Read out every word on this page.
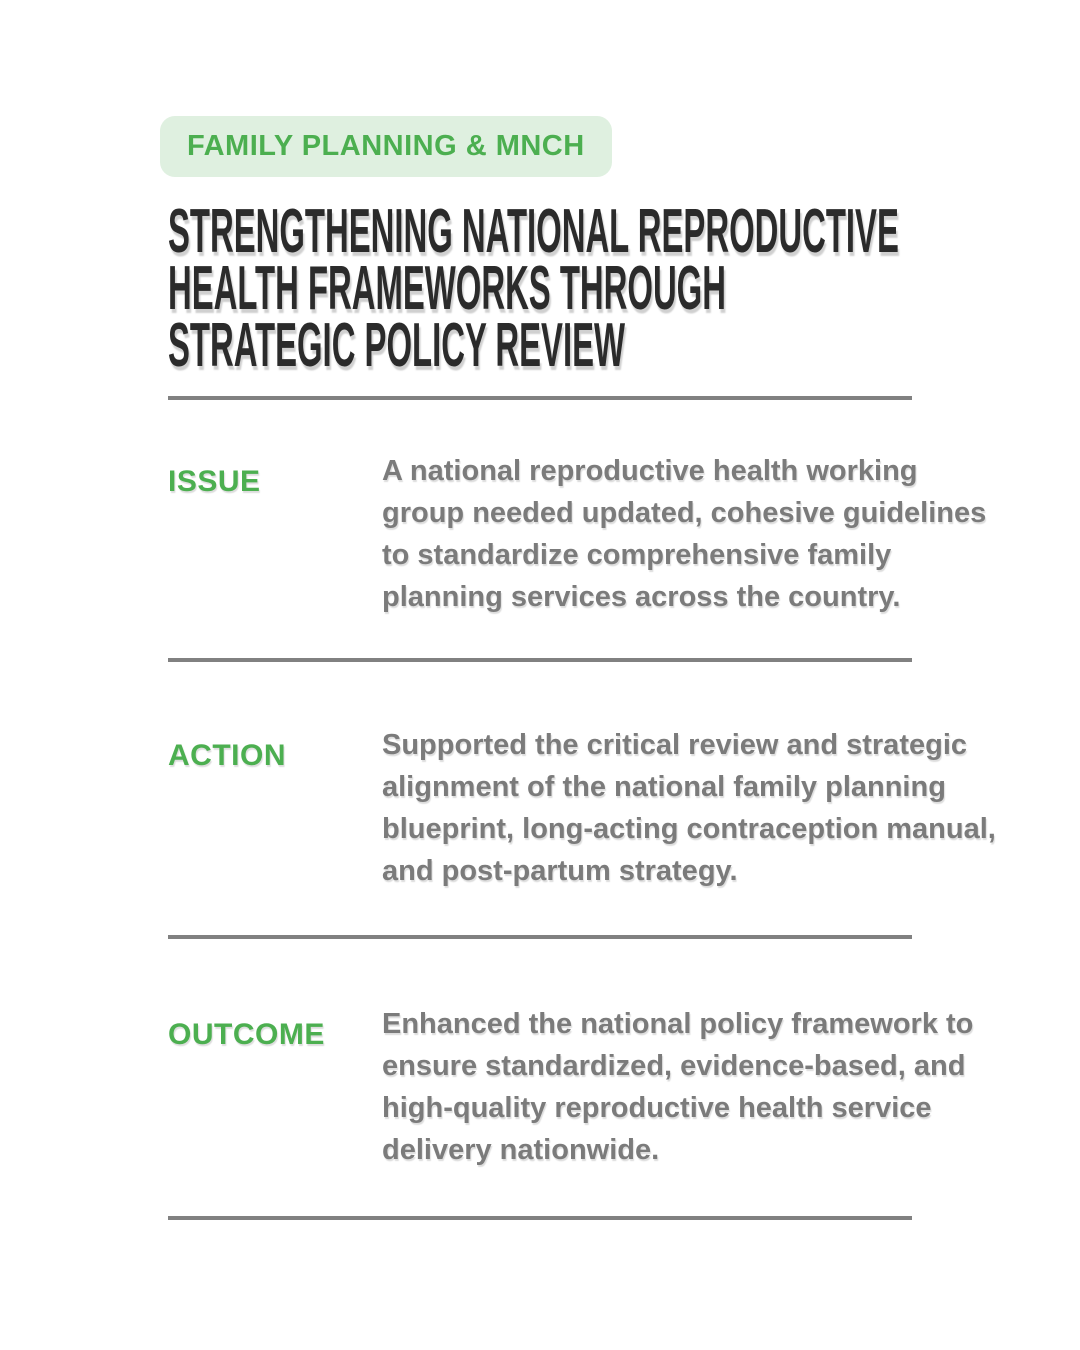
FAMILY PLANNING & MNCH
STRENGTHENING NATIONAL REPRODUCTIVE
HEALTH FRAMEWORKS THROUGH
STRATEGIC POLICY REVIEW
ISSUE	A national reproductive health working group needed updated, cohesive guidelines to standardize comprehensive family planning services across the country.

ACTION	Supported the critical review and strategic alignment of the national family planning blueprint, long-acting contraception manual, and post-partum strategy.

OUTCOME	Enhanced the national policy framework to ensure standardized, evidence-based, and high-quality reproductive health service delivery nationwide.
